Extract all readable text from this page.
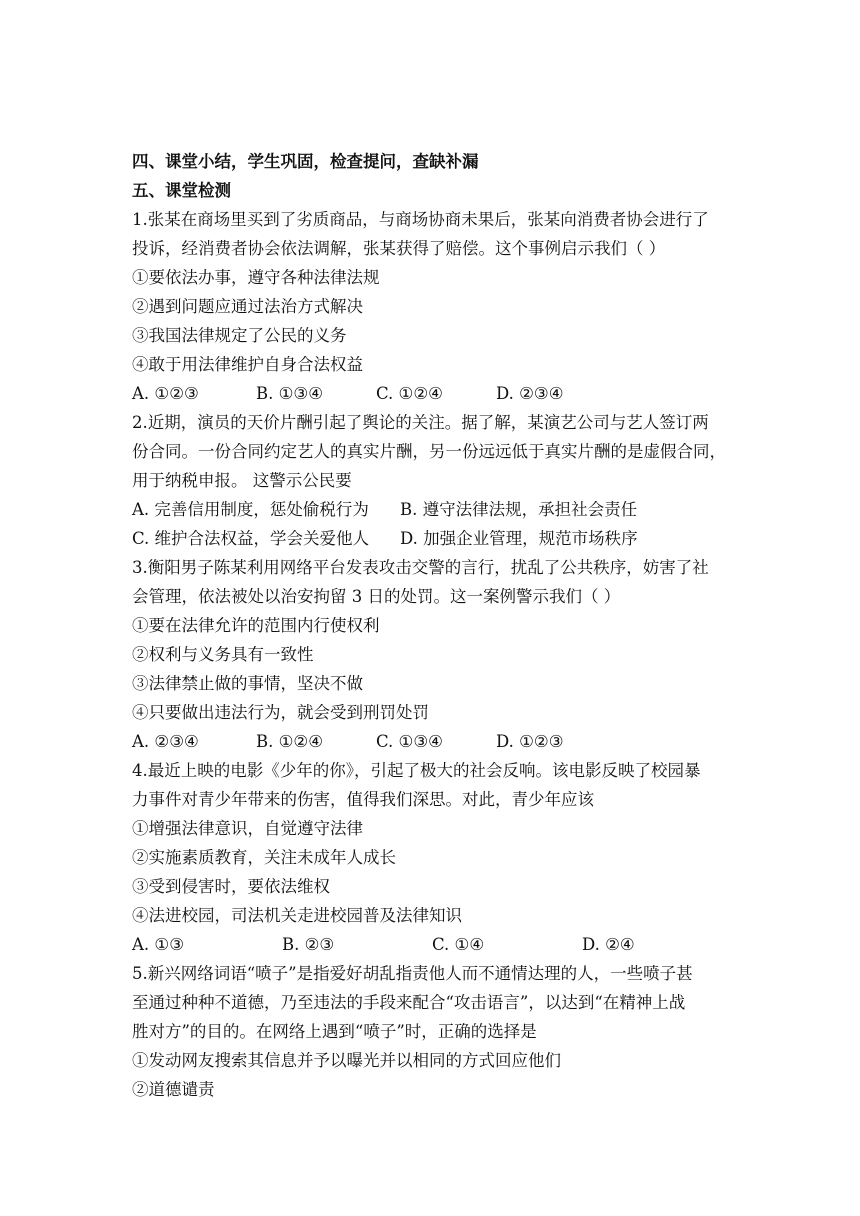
四、课堂小结，学生巩固，检查提问，查缺补漏
五、课堂检测
1.张某在商场里买到了劣质商品，与商场协商未果后，张某向消费者协会进行了
投诉，经消费者协会依法调解，张某获得了赔偿。这个事例启示我们（ ）
①要依法办事，遵守各种法律法规
②遇到问题应通过法治方式解决
③我国法律规定了公民的义务
④敢于用法律维护自身合法权益
A. ①②③	B. ①③④	C. ①②④	D. ②③④
2.近期，演员的天价片酬引起了舆论的关注。据了解，某演艺公司与艺人签订两
份合同。一份合同约定艺人的真实片酬，另一份远远低于真实片酬的是虚假合同，
用于纳税申报。 这警示公民要
A. 完善信用制度，惩处偷税行为	B. 遵守法律法规，承担社会责任
C. 维护合法权益，学会关爱他人	D. 加强企业管理，规范市场秩序
3.衡阳男子陈某利用网络平台发表攻击交警的言行，扰乱了公共秩序，妨害了社
会管理，依法被处以治安拘留 3 日的处罚。这一案例警示我们（ ）
①要在法律允许的范围内行使权利
②权利与义务具有一致性
③法律禁止做的事情，坚决不做
④只要做出违法行为，就会受到刑罚处罚
A. ②③④	B. ①②④	C. ①③④	D. ①②③
4.最近上映的电影《少年的你》，引起了极大的社会反响。该电影反映了校园暴
力事件对青少年带来的伤害，值得我们深思。对此，青少年应该
①增强法律意识，自觉遵守法律
②实施素质教育，关注未成年人成长
③受到侵害时，要依法维权
④法进校园，司法机关走进校园普及法律知识
A. ①③	B. ②③	C. ①④	D. ②④
5.新兴网络词语“喷子”是指爱好胡乱指责他人而不通情达理的人，一些喷子甚
至通过种种不道德，乃至违法的手段来配合“攻击语言”，以达到“在精神上战
胜对方”的目的。在网络上遇到“喷子”时，正确的选择是
①发动网友搜索其信息并予以曝光并以相同的方式回应他们
②道德谴责
